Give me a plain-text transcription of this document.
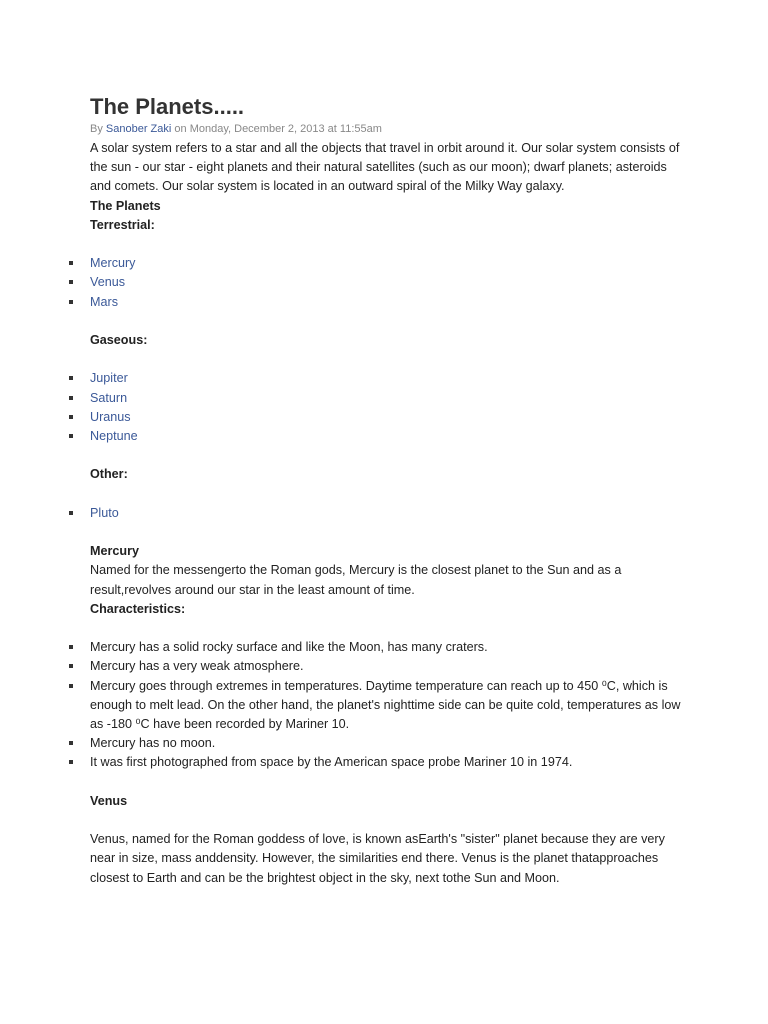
The Planets.....
By Sanober Zaki on Monday, December 2, 2013 at 11:55am

A solar system refers to a star and all the objects that travel in orbit around it. Our solar system consists of the sun - our star - eight planets and their natural satellites (such as our moon); dwarf planets; asteroids and comets. Our solar system is located in an outward spiral of the Milky Way galaxy.

The Planets

Terrestrial:

Mercury
Venus
Mars

Gaseous:

Jupiter
Saturn
Uranus
Neptune

Other:

Pluto

Mercury

Named for the messengerto the Roman gods, Mercury is the closest planet to the Sun and as a result,revolves around our star in the least amount of time.

Characteristics:

Mercury has a solid rocky surface and like the Moon, has many craters.
Mercury has a very weak atmosphere.
Mercury goes through extremes in temperatures. Daytime temperature can reach up to 450 ⁰C, which is enough to melt lead. On the other hand, the planet's nighttime side can be quite cold, temperatures as low as -180 ⁰C have been recorded by Mariner 10.
Mercury has no moon.
It was first photographed from space by the American space probe Mariner 10 in 1974.

Venus

Venus, named for the Roman goddess of love, is known asEarth's "sister" planet because they are very near in size, mass anddensity. However, the similarities end there. Venus is the planet thatapproaches closest to Earth and can be the brightest object in the sky, next tothe Sun and Moon.
